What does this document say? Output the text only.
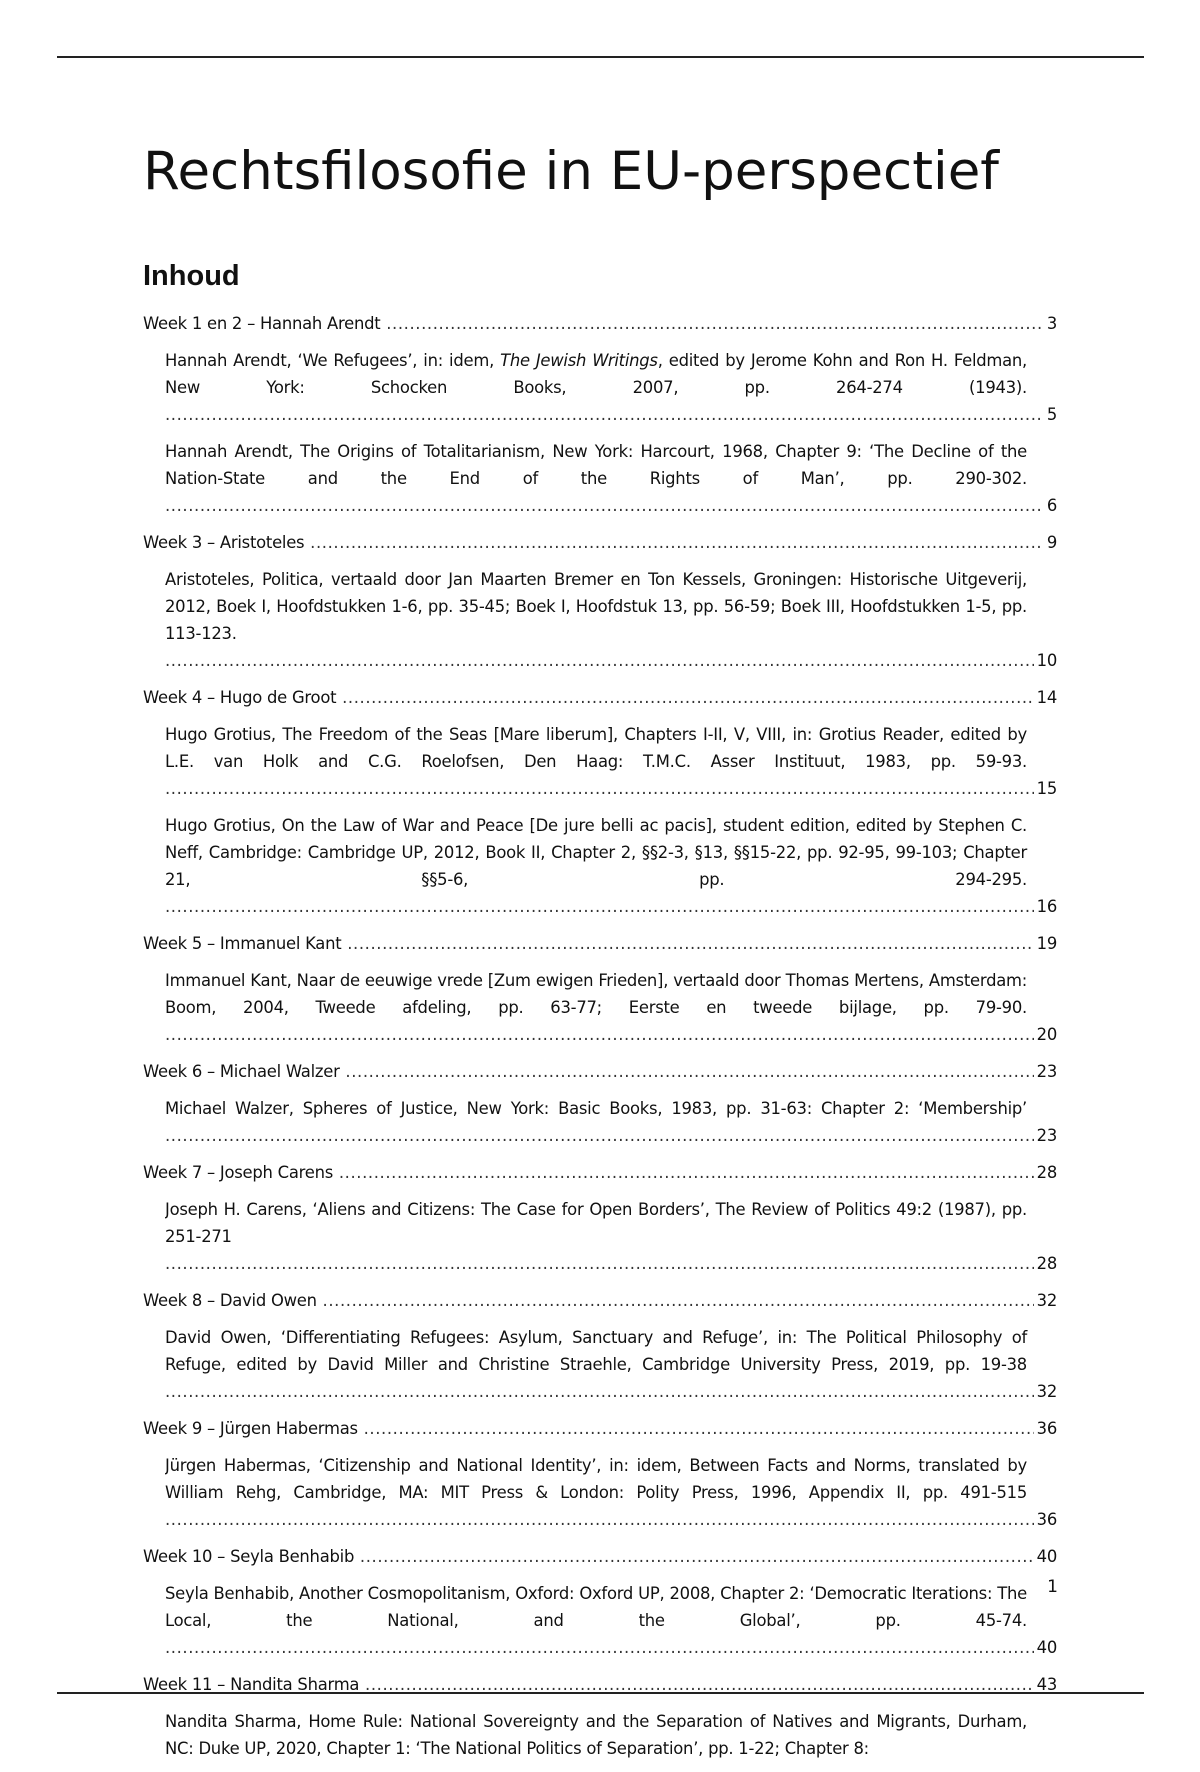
Rechtsfilosofie in EU-perspectief
Inhoud
Week 1 en 2 – Hannah Arendt .....	3
Hannah Arendt, ‘We Refugees’, in: idem, The Jewish Writings, edited by Jerome Kohn and Ron H. Feldman, New York: Schocken Books, 2007, pp. 264-274 (1943). .....
5
Hannah Arendt, The Origins of Totalitarianism, New York: Harcourt, 1968, Chapter 9: ‘The Decline of the Nation-State and the End of the Rights of Man’, pp. 290-302. .....
6
Week 3 – Aristoteles .....	9
Aristoteles, Politica, vertaald door Jan Maarten Bremer en Ton Kessels, Groningen: Historische Uitgeverij, 2012, Boek I, Hoofdstukken 1-6, pp. 35-45; Boek I, Hoofdstuk 13, pp. 56-59; Boek III, Hoofdstukken 1-5, pp. 113-123. .....
10
Week 4 – Hugo de Groot .....	14
Hugo Grotius, The Freedom of the Seas [Mare liberum], Chapters I-II, V, VIII, in: Grotius Reader, edited by L.E. van Holk and C.G. Roelofsen, Den Haag: T.M.C. Asser Instituut, 1983, pp. 59-93. .....
15
Hugo Grotius, On the Law of War and Peace [De jure belli ac pacis], student edition, edited by Stephen C. Neff, Cambridge: Cambridge UP, 2012, Book II, Chapter 2, §§2-3, §13, §§15-22, pp. 92-95, 99-103; Chapter 21, §§5-6, pp. 294-295. .....
16
Week 5 – Immanuel Kant .....	19
Immanuel Kant, Naar de eeuwige vrede [Zum ewigen Frieden], vertaald door Thomas Mertens, Amsterdam: Boom, 2004, Tweede afdeling, pp. 63-77; Eerste en tweede bijlage, pp. 79-90. .....
20
Week 6 – Michael Walzer .....	23
Michael Walzer, Spheres of Justice, New York: Basic Books, 1983, pp. 31-63: Chapter 2: ‘Membership’ .....
23
Week 7 – Joseph Carens .....	28
Joseph H. Carens, ‘Aliens and Citizens: The Case for Open Borders’, The Review of Politics 49:2 (1987), pp. 251-271 .....
28
Week 8 – David Owen .....	32
David Owen, ‘Differentiating Refugees: Asylum, Sanctuary and Refuge’, in: The Political Philosophy of Refuge, edited by David Miller and Christine Straehle, Cambridge University Press, 2019, pp. 19-38 .....
32
Week 9 – Jürgen Habermas .....	36
Jürgen Habermas, ‘Citizenship and National Identity’, in: idem, Between Facts and Norms, translated by William Rehg, Cambridge, MA: MIT Press & London: Polity Press, 1996, Appendix II, pp. 491-515 .....
36
Week 10 – Seyla Benhabib .....	40
Seyla Benhabib, Another Cosmopolitanism, Oxford: Oxford UP, 2008, Chapter 2: ‘Democratic Iterations: The Local, the National, and the Global’, pp. 45-74. .....
40
Week 11 – Nandita Sharma .....	43
Nandita Sharma, Home Rule: National Sovereignty and the Separation of Natives and Migrants, Durham, NC: Duke UP, 2020, Chapter 1: ‘The National Politics of Separation’, pp. 1-22; Chapter 8:
1
